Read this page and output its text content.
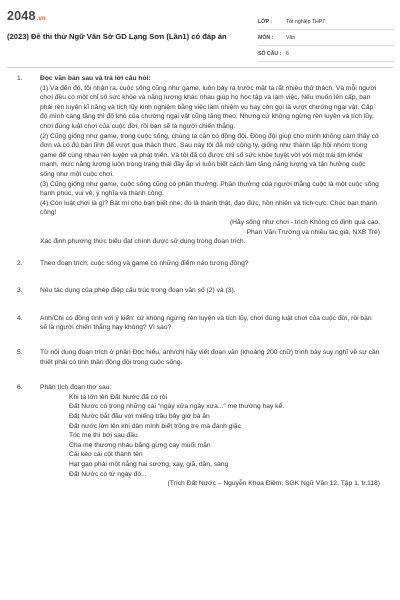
2048.vn
(2023) Đề thi thử Ngữ Văn Sở GD Lạng Sơn (Lần1) có đáp án
LỚP :	Tốt nghiệp THPT
MÔN :	Văn
SỐ CÂU : 6
1.	Đọc văn bản sau và trả lời câu hỏi:
(1) Và đến đó, tôi nhận ra, cuộc sống cũng như game, luôn bày ra trước mặt ta rất nhiều thử thách. Và mỗi người chơi đều có một chỉ số sức khỏe và năng lượng khác nhau giúp họ học tập và làm việc. Nếu muốn lên cấp, bạn phải rèn luyện kĩ năng và tích lũy kinh nghiệm bằng việc làm nhiệm vụ hay còn gọi là vượt chướng ngại vật. Cấp độ mình càng tăng thì độ khó của chướng ngại vật cũng tăng theo. Nhưng cứ không ngừng rèn luyện và tích lũy, chơi đúng luật chơi của cuộc đời, rồi bạn sẽ là người chiến thắng.
(2) Cũng giống như game, trong cuộc sống, chúng ta cần có đồng đội. Đồng đội giúp cho mình không cảm thấy cô đơn và có đủ bản lĩnh để vượt qua thách thức. Sau này tôi đã mở công ty, giống như thành lập hội nhóm trong game để cùng nhau rèn luyện và phát triển. Và tôi đã có được chỉ số sức khỏe tuyệt vời với một trái tim khỏe mạnh, mức năng lượng luôn trong trạng thái đầy ắp vì luôn biết cách làm tăng năng lượng và tận hưởng cuộc sống như một cuộc chơi.
(3) Cũng giống như game, cuộc sống cũng có phần thưởng. Phần thưởng của người thắng cuộc là một cuộc sống hạnh phúc, vui vẻ, ý nghĩa và thành công.
(4) Còn luật chơi là gì? Bật mí cho bạn biết nhé: đó là thành thật, đạo đức, hồn nhiên và tích cực. Chúc bạn thành công!
(Hãy sống như chơi - trích Không có định quá cao,
Phan Văn Trường và nhiều tác giả, NXB Trẻ)
Xác định phương thức biểu đạt chính được sử dụng trong đoạn trích.
2.	Theo đoạn trích, cuộc sống và game có những điểm nào tương đồng?
3.	Nêu tác dụng của phép điệp cấu trúc trong đoạn văn số (2) và (3).
4.	Anh/Chị có đồng tình với ý kiến: cứ không ngừng rèn luyện và tích lũy, chơi đúng luật chơi của cuộc đời, rồi bạn sẽ là người chiến thắng hay không? Vì sao?
5.	Từ nội dung đoạn trích ở phần Đọc hiểu, anh/chị hãy viết đoạn văn (khoảng 200 chữ) trình bày suy nghĩ về sự cần thiết phải có tinh thần đồng đội trong cuộc sống.
6.	Phân tích đoạn thơ sau:
Khi ta lớn lên Đất Nước đã có rồi
Đất Nước có trong những cái "ngày xửa ngày xưa..." mẹ thường hay kể.
Đất Nước bắt đầu với miếng trầu bây giờ bà ăn
Đất nước lớn lên khi dân mình biết trồng tre mà đánh giặc
Tóc mẹ thì bới sau đầu
Cha mẹ thương nhau bằng gừng cay muối mặn
Cái kèo cái cột thành tên
Hạt gạo phải một nắng hai sương, xay, giã, dần, sàng
Đất Nước có từ ngày đó...
(Trích Đất Nước – Nguyễn Khoa Điềm, SGK Ngữ Văn 12, Tập 1, tr.118)
